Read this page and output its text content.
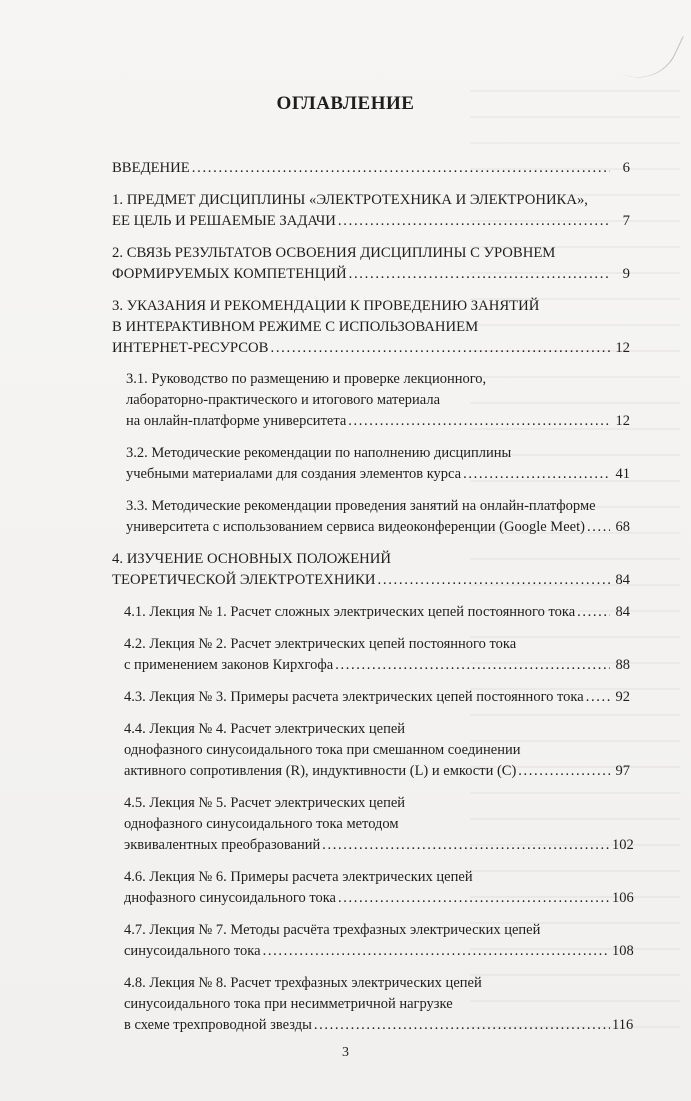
ОГЛАВЛЕНИЕ
ВВЕДЕНИЕ . . .	6
1. ПРЕДМЕТ ДИСЦИПЛИНЫ «ЭЛЕКТРОТЕХНИКА И ЭЛЕКТРОНИКА»,
ЕЕ ЦЕЛЬ И РЕШАЕМЫЕ ЗАДАЧИ . . .	7
2. СВЯЗЬ РЕЗУЛЬТАТОВ ОСВОЕНИЯ ДИСЦИПЛИНЫ С УРОВНЕМ
ФОРМИРУЕМЫХ КОМПЕТЕНЦИЙ . . .	9
3. УКАЗАНИЯ И РЕКОМЕНДАЦИИ К ПРОВЕДЕНИЮ ЗАНЯТИЙ
В ИНТЕРАКТИВНОМ РЕЖИМЕ С ИСПОЛЬЗОВАНИЕМ
ИНТЕРНЕТ-РЕСУРСОВ . . .	12
3.1. Руководство по размещению и проверке лекционного,
лабораторно-практического и итогового материала
на онлайн-платформе университета . . .	12
3.2. Методические рекомендации по наполнению дисциплины
учебными материалами для создания элементов курса . . .	41
3.3. Методические рекомендации проведения занятий на онлайн-платформе
университета с использованием сервиса видеоконференции (Google Meet) . . . 68
4. ИЗУЧЕНИЕ ОСНОВНЫХ ПОЛОЖЕНИЙ
ТЕОРЕТИЧЕСКОЙ ЭЛЕКТРОТЕХНИКИ . . .	84
4.1. Лекция № 1. Расчет сложных электрических цепей постоянного тока . . .	84
4.2. Лекция № 2. Расчет электрических цепей постоянного тока
с применением законов Кирхгофа . . .	88
4.3. Лекция № 3. Примеры расчета электрических цепей постоянного тока . . . 92
4.4. Лекция № 4. Расчет электрических цепей
однофазного синусоидального тока при смешанном соединении
активного сопротивления (R), индуктивности (L) и емкости (C) . . .	97
4.5. Лекция № 5. Расчет электрических цепей
однофазного синусоидального тока методом
эквивалентных преобразований . . .	102
4.6. Лекция № 6. Примеры расчета электрических цепей
днофазного синусоидального тока . . .	106
4.7. Лекция № 7. Методы расчёта трехфазных электрических цепей
синусоидального тока . . .	108
4.8. Лекция № 8. Расчет трехфазных электрических цепей
синусоидального тока при несимметричной нагрузке
в схеме трехпроводной звезды . . .	116
3
